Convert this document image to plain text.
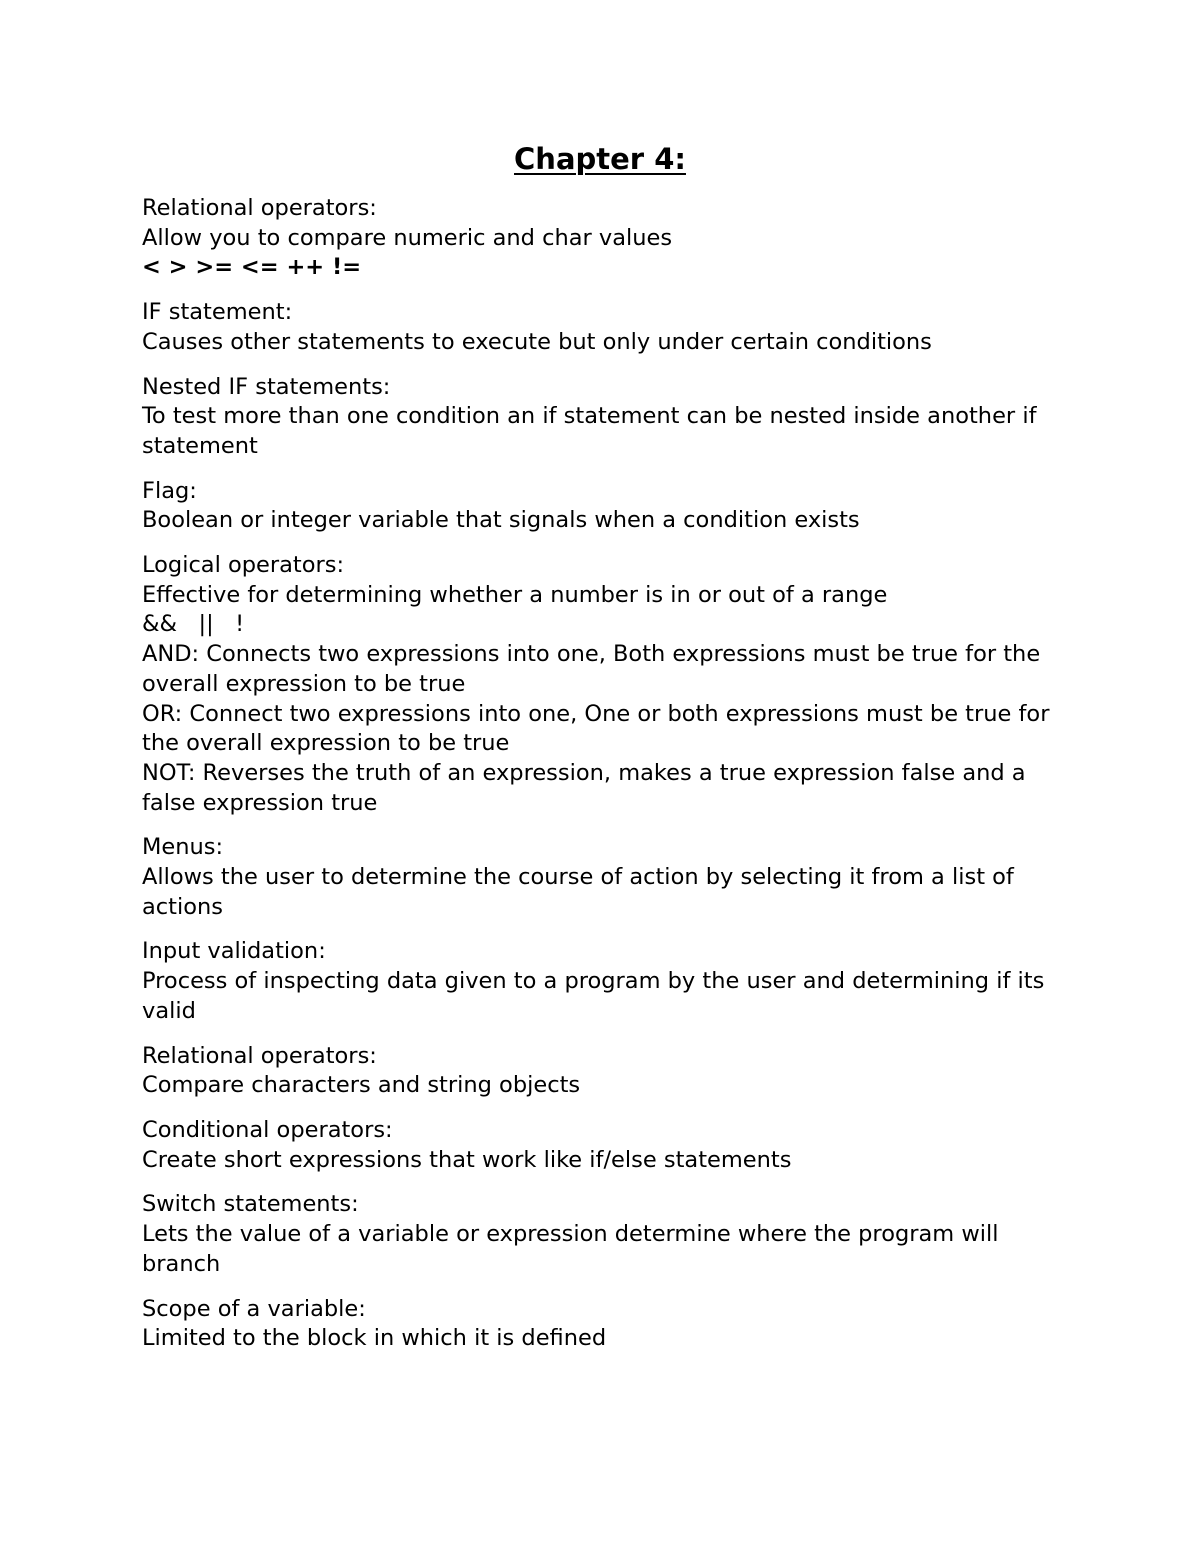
Chapter 4:
Relational operators:
Allow you to compare numeric and char values
< > >= <= ++ !=
IF statement:
Causes other statements to execute but only under certain conditions
Nested IF statements:
To test more than one condition an if statement can be nested inside another if statement
Flag:
Boolean or integer variable that signals when a condition exists
Logical operators:
Effective for determining whether a number is in or out of a range
&&   ||   !
AND: Connects two expressions into one, Both expressions must be true for the overall expression to be true
OR: Connect two expressions into one, One or both expressions must be true for the overall expression to be true
NOT: Reverses the truth of an expression, makes a true expression false and a false expression true
Menus:
Allows the user to determine the course of action by selecting it from a list of actions
Input validation:
Process of inspecting data given to a program by the user and determining if its valid
Relational operators:
Compare characters and string objects
Conditional operators:
Create short expressions that work like if/else statements
Switch statements:
Lets the value of a variable or expression determine where the program will branch
Scope of a variable:
Limited to the block in which it is defined
